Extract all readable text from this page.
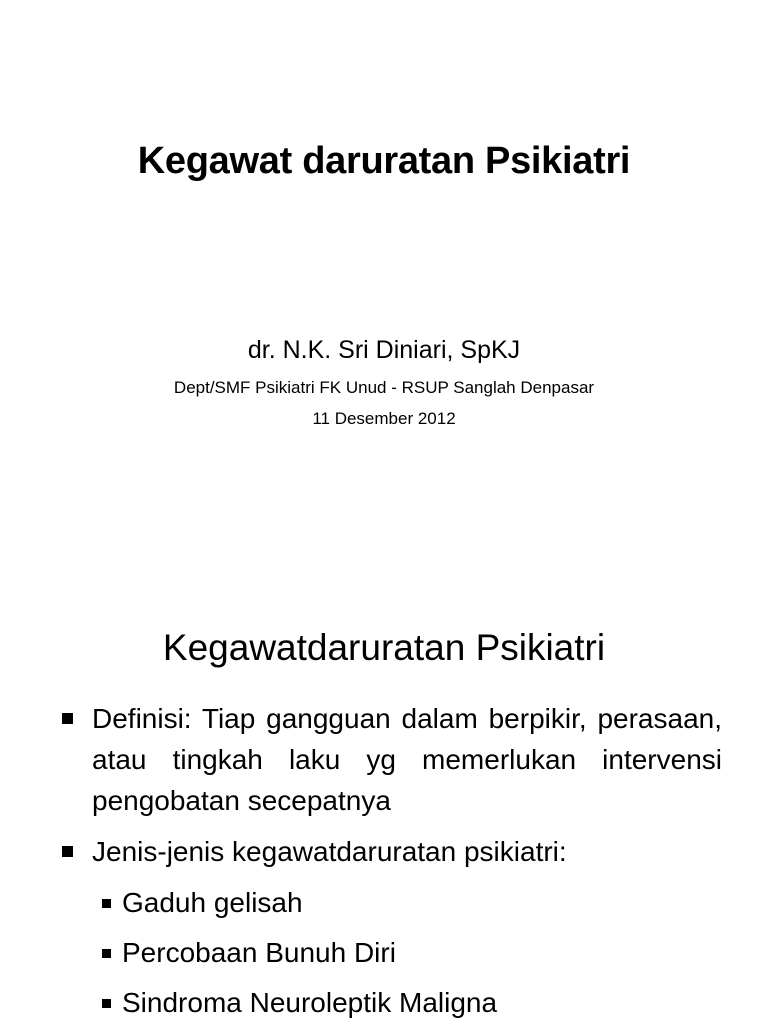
Kegawat daruratan Psikiatri
dr. N.K. Sri Diniari, SpKJ
Dept/SMF Psikiatri FK Unud - RSUP Sanglah Denpasar
11 Desember 2012
Kegawatdaruratan Psikiatri
Definisi: Tiap gangguan dalam berpikir, perasaan, atau tingkah laku yg memerlukan intervensi pengobatan secepatnya
Jenis-jenis kegawatdaruratan psikiatri:
Gaduh gelisah
Percobaan Bunuh Diri
Sindroma Neuroleptik Maligna
